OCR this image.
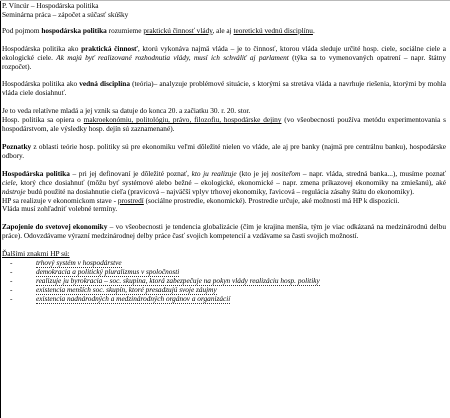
P. Víncúr – Hospodárska politika

Seminárna práca – zápočet a súčasť skúšky

Pod pojmom hospodárska politika rozumieme praktickú činnosť vlády, ale aj teoretickú vednú disciplínu.

Hospodárska politika ako praktická činnosť, ktorú vykonáva najmä vláda – je to činnosť, ktorou vláda sleduje určité hosp. ciele, sociálne ciele a ekologické ciele. Ak majú byť realizované rozhodnutia vlády, musí ich schváliť aj parlament (týka sa to vymenovaných opatrení – napr. štátny rozpočet).

Hospodárska politika ako vedná disciplína (teória)– analyzuje problémové situácie, s ktorými sa stretáva vláda a navrhuje riešenia, ktorými by mohla vláda ciele dosiahnuť.

Je to veda relatívne mladá a jej vznik sa datuje do konca 20. a začiatku 30. r. 20. stor.

Hosp. politika sa opiera o makroekonómiu, politológiu, právo, filozofiu, hospodárske dejiny (vo všeobecnosti používa metódu experimentovania s hospodárstvom, ale výsledky hosp. dejín sú zaznamenané).

Poznatky z oblasti teórie hosp. politiky sú pre ekonomiku veľmi dôležité nielen vo vláde, ale aj pre banky (najmä pre centrálnu banku), hospodárske odbory.

Hospodárska politika – pri jej definovaní je dôležité poznať, kto ju realizuje (kto je jej nositeľom – napr. vláda, stredná banka...), musíme poznať ciele, ktorý chce dosiahnuť (môžu byť systémové alebo bežné – ekologické, ekonomické – napr. zmena príkazovej ekonomiky na zmiešanú), aké nástroje budú použité na dosiahnutie cieľa (pravicová – najväčší vplyv trhovej ekonomiky, ľavicová – regulácia zásahy štátu do ekonomiky).

HP sa realizuje v ekonomickom stave - prostredí (sociálne prostredie, ekonomické). Prostredie určuje, aké možnosti má HP k dispozícii.

Vláda musí zohľadniť volebné termíny.

Zapojenie do svetovej ekonomiky – vo všeobecnosti je tendencia globalizácie (čím je krajina menšia, tým je viac odkázaná na medzinárodnú delbu práce). Odovzdávame výrazní medzinárodnej delby práce časť svojich kompetencií a vzdávame sa časti svojich možností.

Ďalšími znakmi HP sú:

-	trhový systém v hospodárstve
-	demokracia a politický pluralizmus v spoločnosti
-	realizuje ju byrokracia – soc. skupina, ktorá zabezpečuje na pokyn vlády realizáciu hosp. politiky
-	existencia menších soc. skupín, ktoré presadzujú svoje záujmy
-	existencia nadnárodných a medzinárodných orgánov a organizácií
